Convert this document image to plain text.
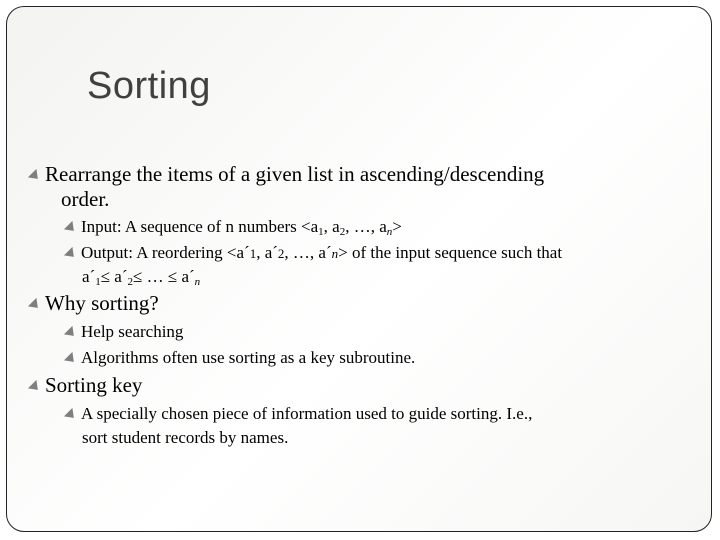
Sorting
Rearrange the items of a given list in ascending/descending
order.
Input: A sequence of n numbers $<a_1$, $a_2$, …, $a_n>$
Output: A reordering <a´1, a´2, …, a´n> of the input sequence such that
$a´_1\le$ $a´_2\le$ … ≤ $a´_n$
Why sorting?
Help searching
Algorithms often use sorting as a key subroutine.
Sorting key
A specially chosen piece of information used to guide sorting. I.e.,
sort student records by names.
